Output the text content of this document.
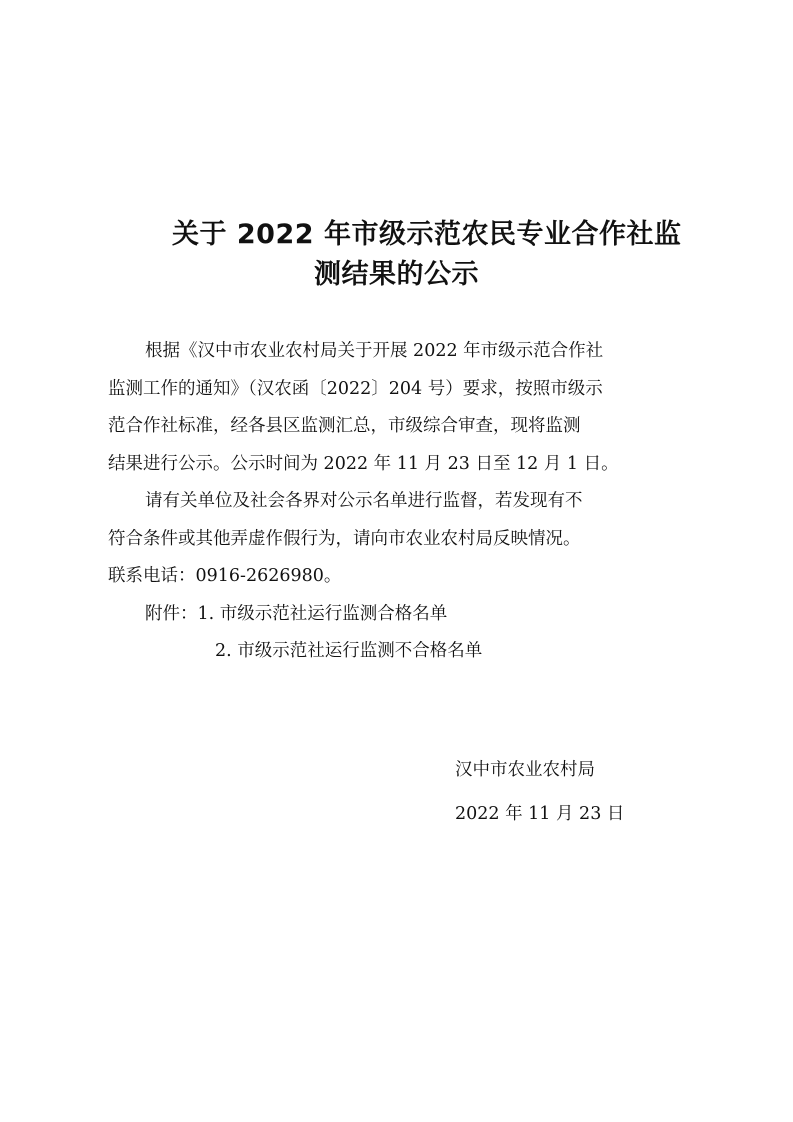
关于 2022 年市级示范农民专业合作社监
测结果的公示

根据《汉中市农业农村局关于开展 2022 年市级示范合作社
监测工作的通知》（汉农函〔2022〕204 号）要求，按照市级示
范合作社标准，经各县区监测汇总，市级综合审查，现将监测
结果进行公示。公示时间为 2022 年 11 月 23 日至 12 月 1 日。

请有关单位及社会各界对公示名单进行监督，若发现有不
符合条件或其他弄虚作假行为，请向市农业农村局反映情况。

联系电话：0916-2626980。

附件：1. 市级示范社运行监测合格名单
2. 市级示范社运行监测不合格名单

汉中市农业农村局
2022 年 11 月 23 日
